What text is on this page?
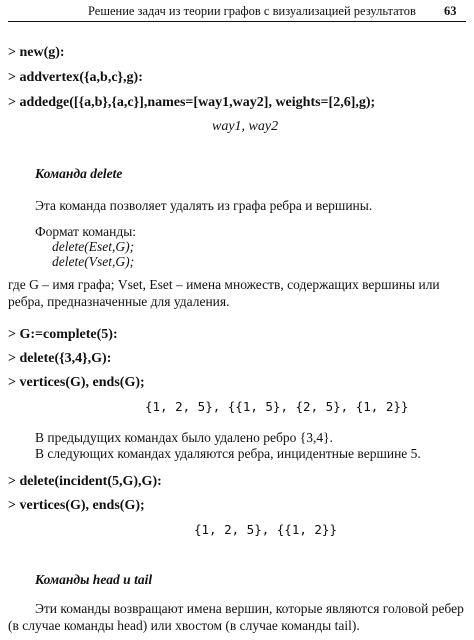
Решение задач из теории графов с визуализацией результатов 63
> new(g):
> addvertex({a,b,c},g):
> addedge([{a,b},{a,c}],names=[way1,way2], weights=[2,6],g);
way1, way2
Команда delete
Эта команда позволяет удалять из графа ребра и вершины.
Формат команды:
delete(Eset,G);
delete(Vset,G);
где G – имя графа; Vset, Eset – имена множеств, содержащих вершины или ребра, предназначенные для удаления.
> G:=complete(5):
> delete({3,4},G):
> vertices(G), ends(G);
{1, 2, 5}, {{1, 5}, {2, 5}, {1, 2}}
В предыдущих командах было удалено ребро {3,4}.
В следующих командах удаляются ребра, инцидентные вершине 5.
> delete(incident(5,G),G):
> vertices(G), ends(G);
{1, 2, 5}, {{1, 2}}
Команды head и tail
Эти команды возвращают имена вершин, которые являются головой ребер (в случае команды head) или хвостом (в случае команды tail).
